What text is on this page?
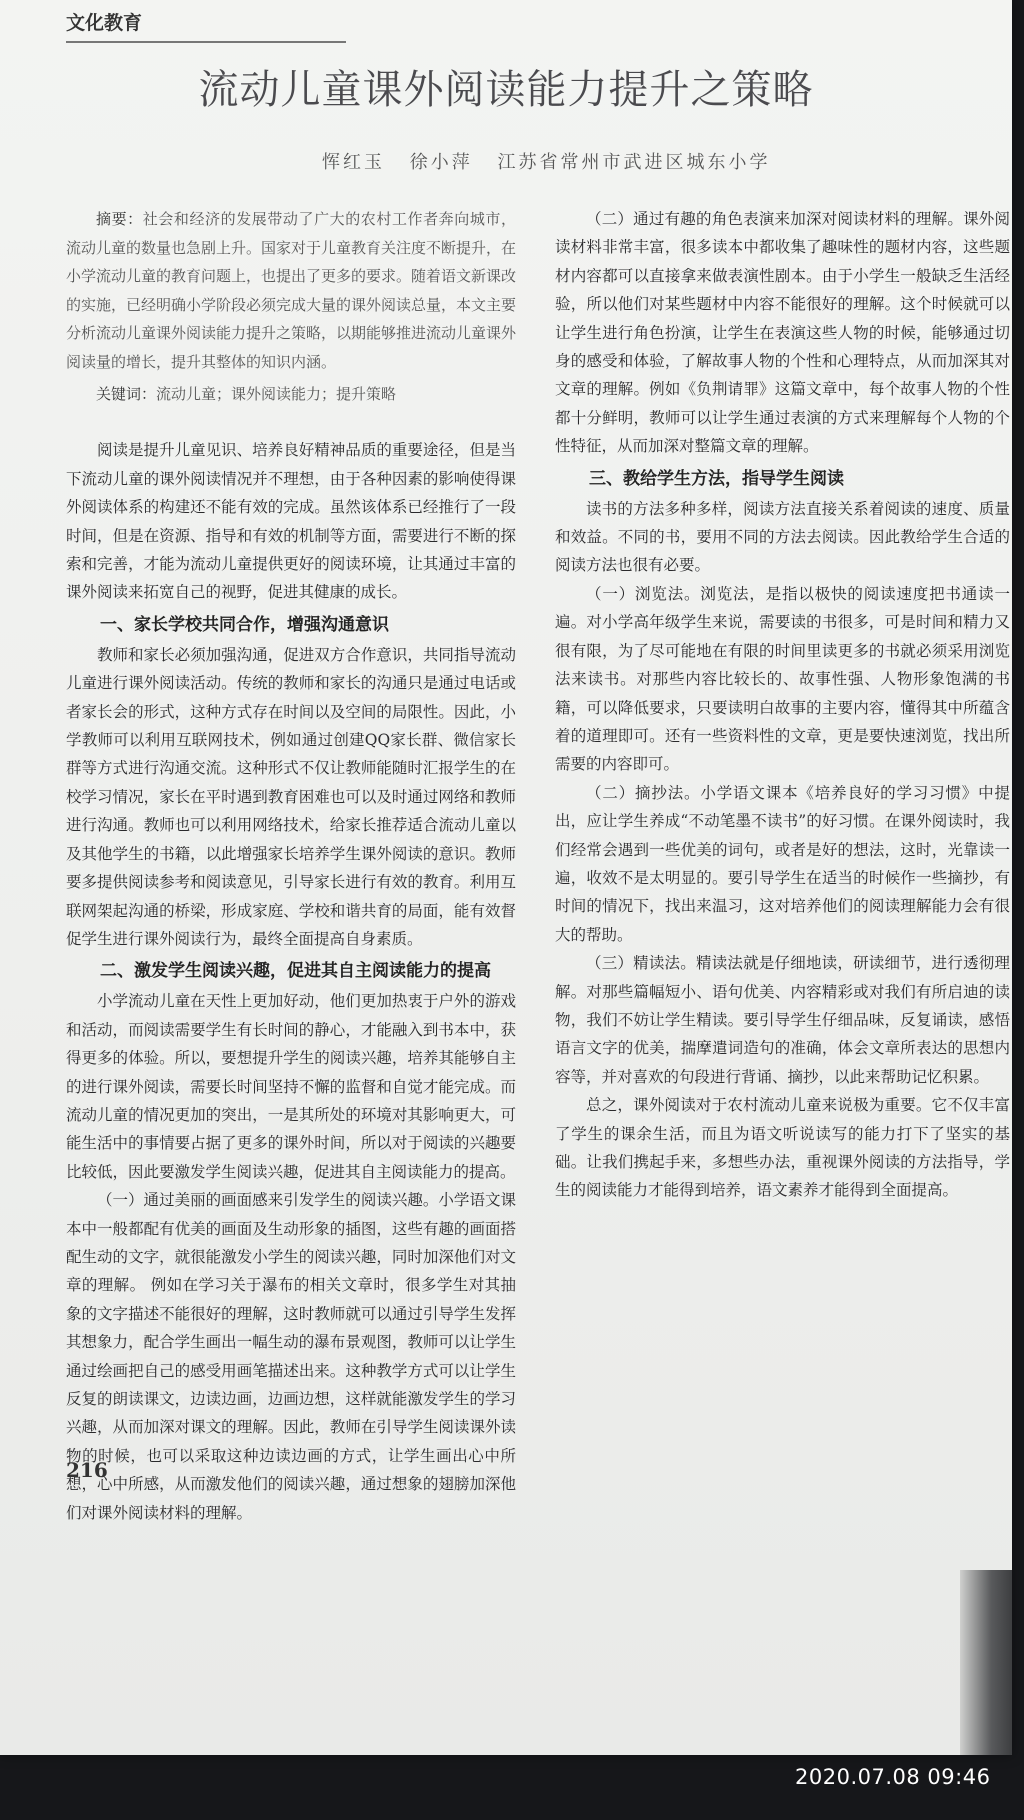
文化教育
流动儿童课外阅读能力提升之策略
恽红玉 徐小萍 江苏省常州市武进区城东小学

摘要：社会和经济的发展带动了广大的农村工作者奔向城市，流动儿童的数量也急剧上升。国家对于儿童教育关注度不断提升，在小学流动儿童的教育问题上，也提出了更多的要求。随着语文新课改的实施，已经明确小学阶段必须完成大量的课外阅读总量，本文主要分析流动儿童课外阅读能力提升之策略，以期能够推进流动儿童课外阅读量的增长，提升其整体的知识内涵。

关键词：流动儿童；课外阅读能力；提升策略

阅读是提升儿童见识、培养良好精神品质的重要途径，但是当下流动儿童的课外阅读情况并不理想，由于各种因素的影响使得课外阅读体系的构建还不能有效的完成。虽然该体系已经推行了一段时间，但是在资源、指导和有效的机制等方面，需要进行不断的探索和完善，才能为流动儿童提供更好的阅读环境，让其通过丰富的课外阅读来拓宽自己的视野，促进其健康的成长。

一、家长学校共同合作，增强沟通意识

教师和家长必须加强沟通，促进双方合作意识，共同指导流动儿童进行课外阅读活动。传统的教师和家长的沟通只是通过电话或者家长会的形式，这种方式存在时间以及空间的局限性。因此，小学教师可以利用互联网技术，例如通过创建QQ家长群、微信家长群等方式进行沟通交流。这种形式不仅让教师能随时汇报学生的在校学习情况，家长在平时遇到教育困难也可以及时通过网络和教师进行沟通。教师也可以利用网络技术，给家长推荐适合流动儿童以及其他学生的书籍，以此增强家长培养学生课外阅读的意识。教师要多提供阅读参考和阅读意见，引导家长进行有效的教育。利用互联网架起沟通的桥梁，形成家庭、学校和谐共育的局面，能有效督促学生进行课外阅读行为，最终全面提高自身素质。

二、激发学生阅读兴趣，促进其自主阅读能力的提高

小学流动儿童在天性上更加好动，他们更加热衷于户外的游戏和活动，而阅读需要学生有长时间的静心，才能融入到书本中，获得更多的体验。所以，要想提升学生的阅读兴趣，培养其能够自主的进行课外阅读，需要长时间坚持不懈的监督和自觉才能完成。而流动儿童的情况更加的突出，一是其所处的环境对其影响更大，可能生活中的事情要占据了更多的课外时间，所以对于阅读的兴趣要比较低，因此要激发学生阅读兴趣，促进其自主阅读能力的提高。

（一）通过美丽的画面感来引发学生的阅读兴趣。小学语文课本中一般都配有优美的画面及生动形象的插图，这些有趣的画面搭配生动的文字，就很能激发小学生的阅读兴趣，同时加深他们对文章的理解。 例如在学习关于瀑布的相关文章时，很多学生对其抽象的文字描述不能很好的理解，这时教师就可以通过引导学生发挥其想象力，配合学生画出一幅生动的瀑布景观图，教师可以让学生通过绘画把自己的感受用画笔描述出来。这种教学方式可以让学生反复的朗读课文，边读边画，边画边想，这样就能激发学生的学习兴趣，从而加深对课文的理解。因此，教师在引导学生阅读课外读物的时候，也可以采取这种边读边画的方式，让学生画出心中所想，心中所感，从而激发他们的阅读兴趣，通过想象的翅膀加深他们对课外阅读材料的理解。

（二）通过有趣的角色表演来加深对阅读材料的理解。课外阅读材料非常丰富，很多读本中都收集了趣味性的题材内容，这些题材内容都可以直接拿来做表演性剧本。由于小学生一般缺乏生活经验，所以他们对某些题材中内容不能很好的理解。这个时候就可以让学生进行角色扮演，让学生在表演这些人物的时候，能够通过切身的感受和体验，了解故事人物的个性和心理特点，从而加深其对文章的理解。例如《负荆请罪》这篇文章中，每个故事人物的个性都十分鲜明，教师可以让学生通过表演的方式来理解每个人物的个性特征，从而加深对整篇文章的理解。

三、教给学生方法，指导学生阅读

读书的方法多种多样，阅读方法直接关系着阅读的速度、质量和效益。不同的书，要用不同的方法去阅读。因此教给学生合适的阅读方法也很有必要。

（一）浏览法。浏览法，是指以极快的阅读速度把书通读一遍。对小学高年级学生来说，需要读的书很多，可是时间和精力又很有限，为了尽可能地在有限的时间里读更多的书就必须采用浏览法来读书。对那些内容比较长的、故事性强、人物形象饱满的书籍，可以降低要求，只要读明白故事的主要内容，懂得其中所蕴含着的道理即可。还有一些资料性的文章，更是要快速浏览，找出所需要的内容即可。

（二）摘抄法。小学语文课本《培养良好的学习习惯》中提出，应让学生养成“不动笔墨不读书”的好习惯。在课外阅读时，我们经常会遇到一些优美的词句，或者是好的想法，这时，光靠读一遍，收效不是太明显的。要引导学生在适当的时候作一些摘抄，有时间的情况下，找出来温习，这对培养他们的阅读理解能力会有很大的帮助。

（三）精读法。精读法就是仔细地读，研读细节，进行透彻理解。对那些篇幅短小、语句优美、内容精彩或对我们有所启迪的读物，我们不妨让学生精读。要引导学生仔细品味，反复诵读，感悟语言文字的优美，揣摩遣词造句的准确，体会文章所表达的思想内容等，并对喜欢的句段进行背诵、摘抄，以此来帮助记忆积累。

总之，课外阅读对于农村流动儿童来说极为重要。它不仅丰富了学生的课余生活，而且为语文听说读写的能力打下了坚实的基础。让我们携起手来，多想些办法，重视课外阅读的方法指导，学生的阅读能力才能得到培养，语文素养才能得到全面提高。

216
2020.07.08 09:46
